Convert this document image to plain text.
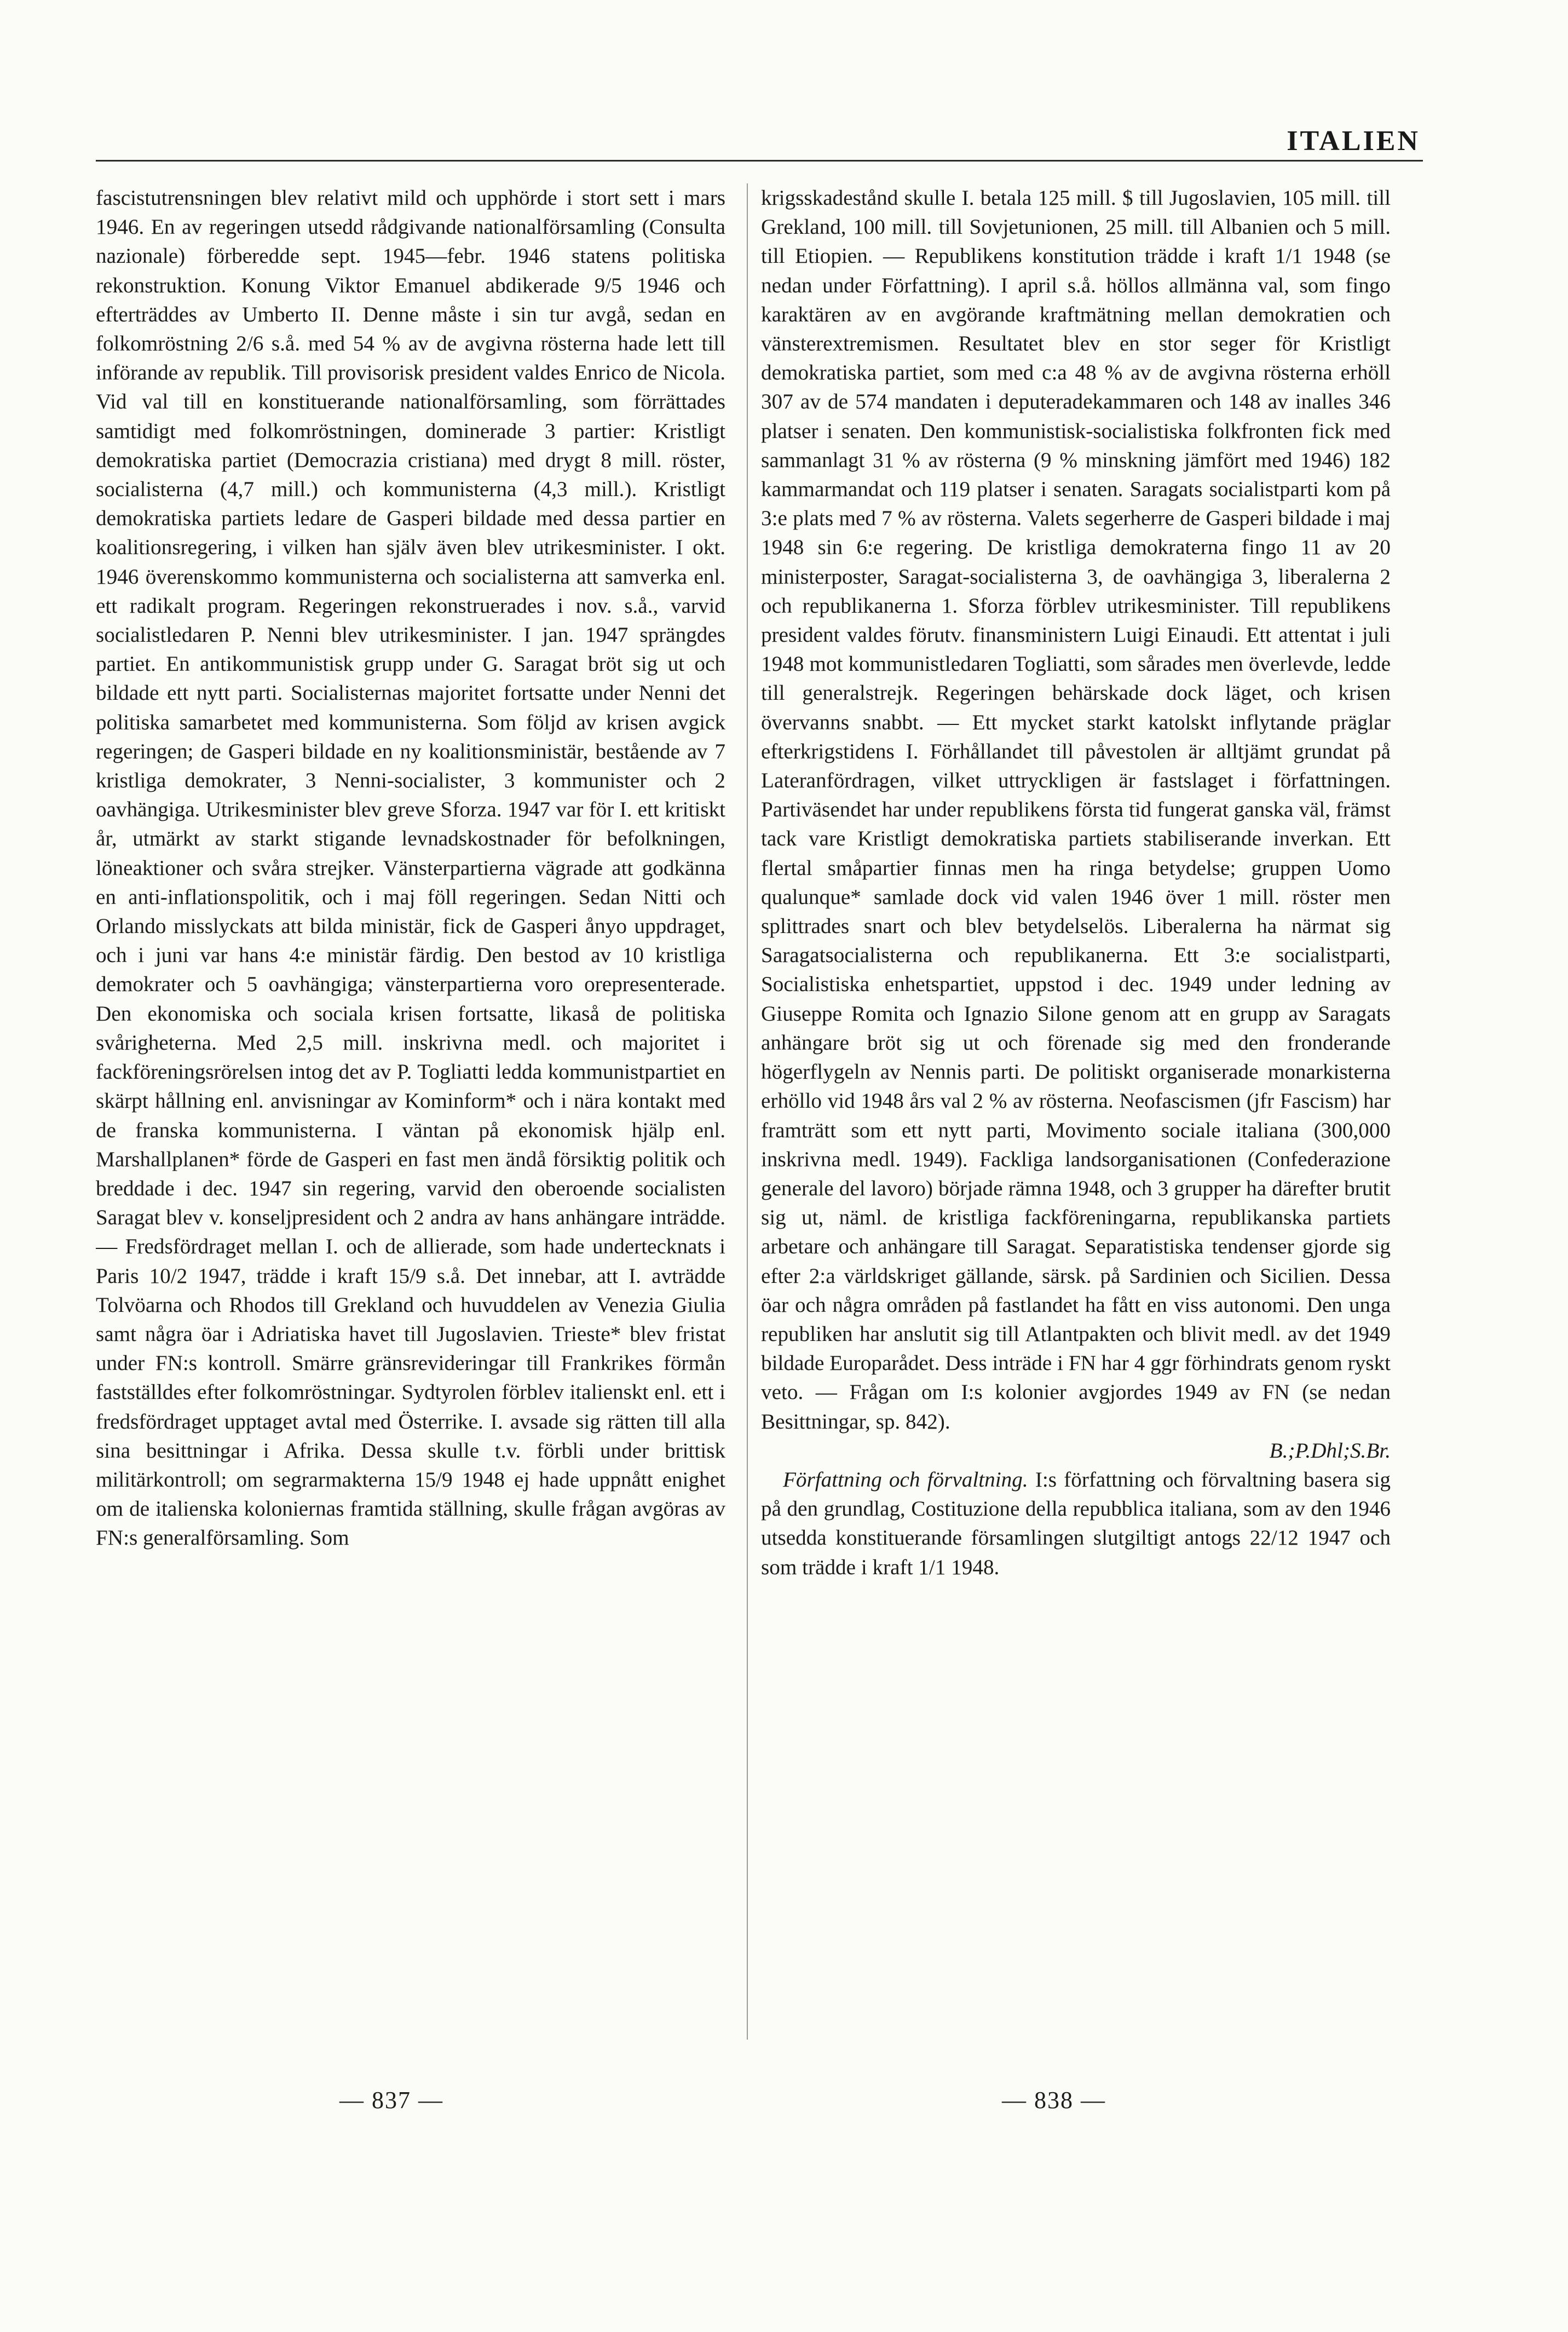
ITALIEN

fascistutrensningen blev relativt mild och upphörde i stort sett i mars 1946. En av regeringen utsedd rådgivande nationalförsamling (Consulta nazionale) förberedde sept. 1945—febr. 1946 statens politiska rekonstruktion. Konung Viktor Emanuel abdikerade 9/5 1946 och efterträddes av Umberto II. Denne måste i sin tur avgå, sedan en folkomröstning 2/6 s.å. med 54 % av de avgivna rösterna hade lett till införande av republik. Till provisorisk president valdes Enrico de Nicola. Vid val till en konstituerande nationalförsamling, som förrättades samtidigt med folkomröstningen, dominerade 3 partier: Kristligt demokratiska partiet (Democrazia cristiana) med drygt 8 mill. röster, socialisterna (4,7 mill.) och kommunisterna (4,3 mill.). Kristligt demokratiska partiets ledare de Gasperi bildade med dessa partier en koalitionsregering, i vilken han själv även blev utrikesminister. I okt. 1946 överenskommo kommunisterna och socialisterna att samverka enl. ett radikalt program. Regeringen rekonstruerades i nov. s.å., varvid socialistledaren P. Nenni blev utrikesminister. I jan. 1947 sprängdes partiet. En antikommunistisk grupp under G. Saragat bröt sig ut och bildade ett nytt parti. Socialisternas majoritet fortsatte under Nenni det politiska samarbetet med kommunisterna. Som följd av krisen avgick regeringen; de Gasperi bildade en ny koalitionsministär, bestående av 7 kristliga demokrater, 3 Nenni-socialister, 3 kommunister och 2 oavhängiga. Utrikesminister blev greve Sforza. 1947 var för I. ett kritiskt år, utmärkt av starkt stigande levnadskostnader för befolkningen, löneaktioner och svåra strejker. Vänsterpartierna vägrade att godkänna en anti-inflationspolitik, och i maj föll regeringen. Sedan Nitti och Orlando misslyckats att bilda ministär, fick de Gasperi ånyo uppdraget, och i juni var hans 4:e ministär färdig. Den bestod av 10 kristliga demokrater och 5 oavhängiga; vänsterpartierna voro orepresenterade. Den ekonomiska och sociala krisen fortsatte, likaså de politiska svårigheterna. Med 2,5 mill. inskrivna medl. och majoritet i fackföreningsrörelsen intog det av P. Togliatti ledda kommunistpartiet en skärpt hållning enl. anvisningar av Kominform* och i nära kontakt med de franska kommunisterna. I väntan på ekonomisk hjälp enl. Marshallplanen* förde de Gasperi en fast men ändå försiktig politik och breddade i dec. 1947 sin regering, varvid den oberoende socialisten Saragat blev v. konseljpresident och 2 andra av hans anhängare inträdde. — Fredsfördraget mellan I. och de allierade, som hade undertecknats i Paris 10/2 1947, trädde i kraft 15/9 s.å. Det innebar, att I. avträdde Tolvöarna och Rhodos till Grekland och huvuddelen av Venezia Giulia samt några öar i Adriatiska havet till Jugoslavien. Trieste* blev fristat under FN:s kontroll. Smärre gränsrevideringar till Frankrikes förmån fastställdes efter folkomröstningar. Sydtyrolen förblev italienskt enl. ett i fredsfördraget upptaget avtal med Österrike. I. avsade sig rätten till alla sina besittningar i Afrika. Dessa skulle t.v. förbli under brittisk militärkontroll; om segrarmakterna 15/9 1948 ej hade uppnått enighet om de italienska koloniernas framtida ställning, skulle frågan avgöras av FN:s generalförsamling. Som

krigsskadestånd skulle I. betala 125 mill. $ till Jugoslavien, 105 mill. till Grekland, 100 mill. till Sovjetunionen, 25 mill. till Albanien och 5 mill. till Etiopien. — Republikens konstitution trädde i kraft 1/1 1948 (se nedan under Författning). I april s.å. höllos allmänna val, som fingo karaktären av en avgörande kraftmätning mellan demokratien och vänsterextremismen. Resultatet blev en stor seger för Kristligt demokratiska partiet, som med c:a 48 % av de avgivna rösterna erhöll 307 av de 574 mandaten i deputeradekammaren och 148 av inalles 346 platser i senaten. Den kommunistisk-socialistiska folkfronten fick med sammanlagt 31 % av rösterna (9 % minskning jämfört med 1946) 182 kammarmandat och 119 platser i senaten. Saragats socialistparti kom på 3:e plats med 7 % av rösterna. Valets segerherre de Gasperi bildade i maj 1948 sin 6:e regering. De kristliga demokraterna fingo 11 av 20 ministerposter, Saragat-socialisterna 3, de oavhängiga 3, liberalerna 2 och republikanerna 1. Sforza förblev utrikesminister. Till republikens president valdes förutv. finansministern Luigi Einaudi. Ett attentat i juli 1948 mot kommunistledaren Togliatti, som sårades men överlevde, ledde till generalstrejk. Regeringen behärskade dock läget, och krisen övervanns snabbt. — Ett mycket starkt katolskt inflytande präglar efterkrigstidens I. Förhållandet till påvestolen är alltjämt grundat på Lateranfördragen, vilket uttryckligen är fastslaget i författningen. Partiväsendet har under republikens första tid fungerat ganska väl, främst tack vare Kristligt demokratiska partiets stabiliserande inverkan. Ett flertal småpartier finnas men ha ringa betydelse; gruppen Uomo qualunque* samlade dock vid valen 1946 över 1 mill. röster men splittrades snart och blev betydelselös. Liberalerna ha närmat sig Saragatsocialisterna och republikanerna. Ett 3:e socialistparti, Socialistiska enhetspartiet, uppstod i dec. 1949 under ledning av Giuseppe Romita och Ignazio Silone genom att en grupp av Saragats anhängare bröt sig ut och förenade sig med den fronderande högerflygeln av Nennis parti. De politiskt organiserade monarkisterna erhöllo vid 1948 års val 2 % av rösterna. Neofascismen (jfr Fascism) har framträtt som ett nytt parti, Movimento sociale italiana (300,000 inskrivna medl. 1949). Fackliga landsorganisationen (Confederazione generale del lavoro) började rämna 1948, och 3 grupper ha därefter brutit sig ut, näml. de kristliga fackföreningarna, republikanska partiets arbetare och anhängare till Saragat. Separatistiska tendenser gjorde sig efter 2:a världskriget gällande, särsk. på Sardinien och Sicilien. Dessa öar och några områden på fastlandet ha fått en viss autonomi. Den unga republiken har anslutit sig till Atlantpakten och blivit medl. av det 1949 bildade Europarådet. Dess inträde i FN har 4 ggr förhindrats genom ryskt veto. — Frågan om I:s kolonier avgjordes 1949 av FN (se nedan Besittningar, sp. 842).

B.;P.Dhl;S.Br.

Författning och förvaltning. I:s författning och förvaltning basera sig på den grundlag, Costituzione della repubblica italiana, som av den 1946 utsedda konstituerande församlingen slutgiltigt antogs 22/12 1947 och som trädde i kraft 1/1 1948.

— 837 —	— 838 —
